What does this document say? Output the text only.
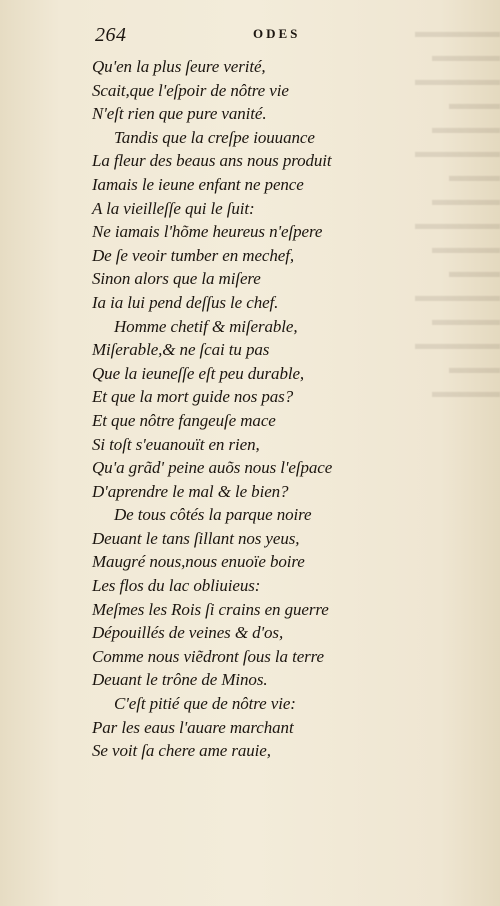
▬▬▬▬▬
▬▬▬▬
▬▬▬▬▬
▬▬▬
▬▬▬▬
▬▬▬▬▬
▬▬▬
▬▬▬▬
▬▬▬▬▬
▬▬▬▬
▬▬▬
▬▬▬▬▬
▬▬▬▬
▬▬▬▬▬
▬▬▬
▬▬▬▬
264	ODES
Qu'en la plus ſeure verité,
Scait,que l'eſpoir de nôtre vie
N'eſt rien que pure vanité.
Tandis que la creſpe iouuance
La fleur des beaus ans nous produit
Iamais le ieune enfant ne pence
A la vieilleſſe qui le ſuit:
Ne iamais l'hõme heureus n'eſpere
De ſe veoir tumber en mechef,
Sinon alors que la miſere
Ia ia lui pend deſſus le chef.
Homme chetif & miſerable,
Miſerable,& ne ſcai tu pas
Que la ieuneſſe eſt peu durable,
Et que la mort guide nos pas?
Et que nôtre fangeuſe mace
Si toſt s'euanouït en rien,
Qu'a grãd' peine auõs nous l'eſpace
D'aprendre le mal & le bien?
De tous côtés la parque noire
Deuant le tans ſillant nos yeus,
Maugré nous,nous enuoïe boire
Les flos du lac obliuieus:
Meſmes les Rois ſi crains en guerre
Dépouillés de veines & d'os,
Comme nous viẽdront ſous la terre
Deuant le trône de Minos.
C'eſt pitié que de nôtre vie:
Par les eaus l'auare marchant
Se voit ſa chere ame rauie,
